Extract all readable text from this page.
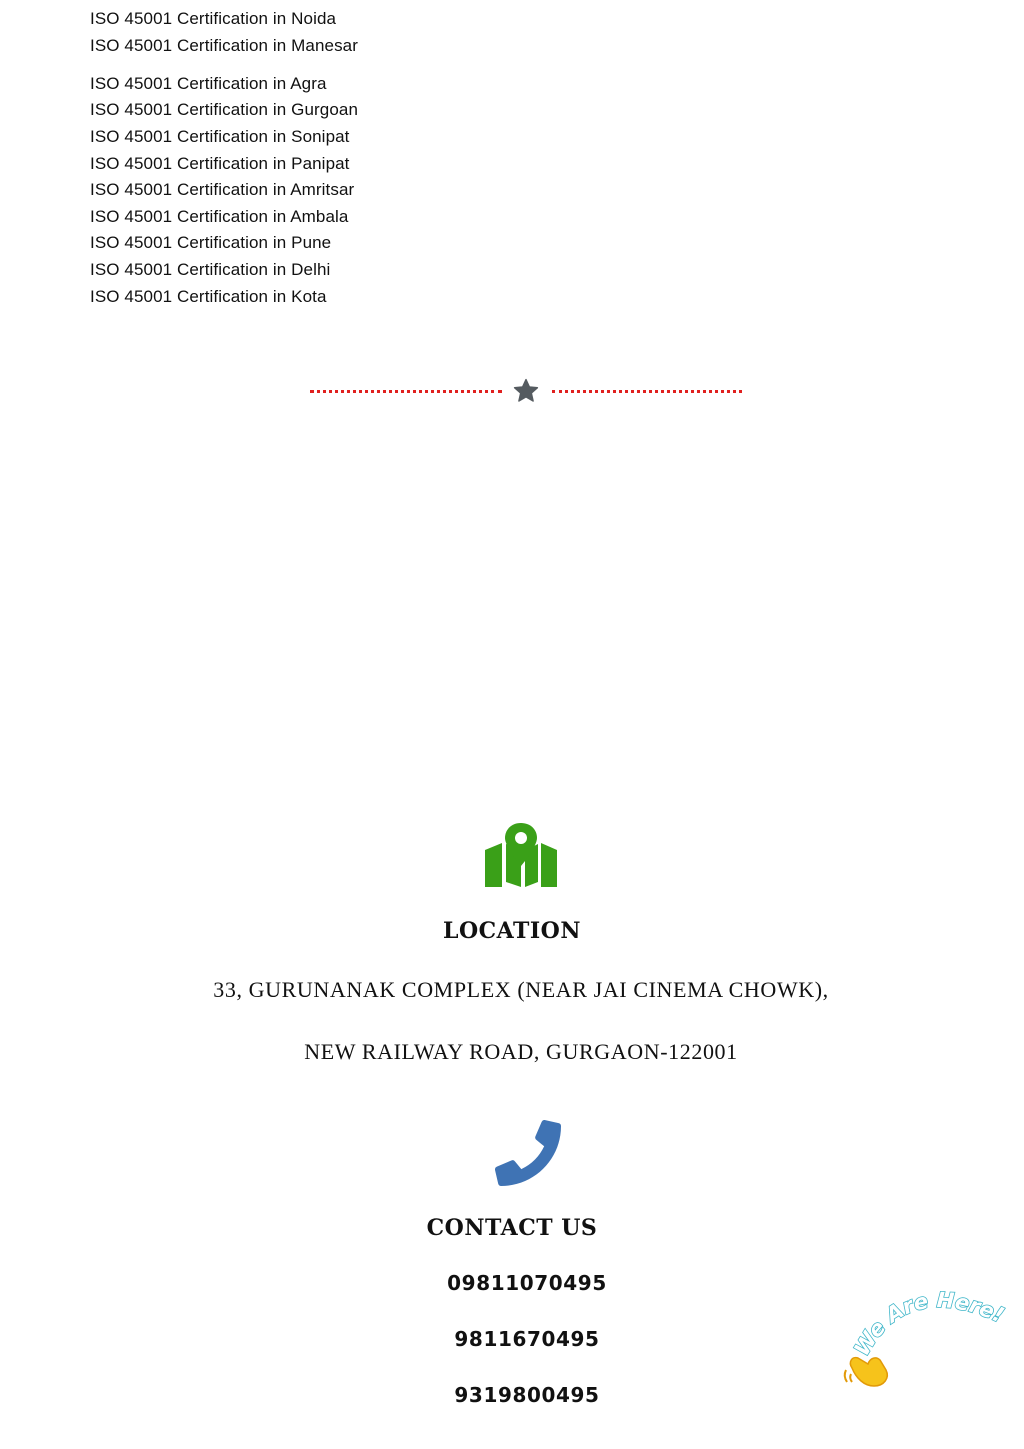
ISO 45001 Certification in Noida
ISO 45001 Certification in Manesar
ISO 45001 Certification in Agra
ISO 45001 Certification in Gurgoan
ISO 45001 Certification in Sonipat
ISO 45001 Certification in Panipat
ISO 45001 Certification in Amritsar
ISO 45001 Certification in Ambala
ISO 45001 Certification in Pune
ISO 45001 Certification in Delhi
ISO 45001 Certification in Kota
LOCATION
33, GURUNANAK COMPLEX (NEAR JAI CINEMA CHOWK),
NEW RAILWAY ROAD, GURGAON-122001
CONTACT US
09811070495
9811670495
9319800495
We Are Here!
